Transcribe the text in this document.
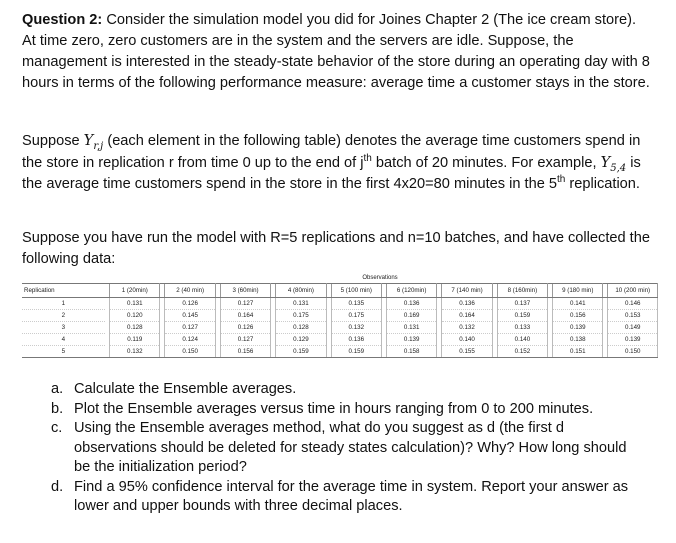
Question 2: Consider the simulation model you did for Joines Chapter 2 (The ice cream store). At time zero, zero customers are in the system and the servers are idle. Suppose, the management is interested in the steady-state behavior of the store during an operating day with 8 hours in terms of the following performance measure: average time a customer stays in the store.

Suppose $Y_{r,j}$ (each element in the following table) denotes the average time customers spend in the store in replication r from time 0 up to the end of $j^{th}$ batch of 20 minutes. For example, $Y_{5,4}$ is the average time customers spend in the store in the first 4x20=80 minutes in the 5th replication.

Suppose you have run the model with R=5 replications and n=10 batches, and have collected the following data:

Observations
Replication		1 (20min)		2 (40 min)		3 (60min)		4 (80min)		5 (100 min)		6 (120min)		7 (140 min)		8 (160min)		9 (180 min)		10 (200 min)
1		0.131		0.126		0.127		0.131		0.135		0.136		0.136		0.137		0.141		0.146
2		0.120		0.145		0.164		0.175		0.175		0.169		0.164		0.159		0.156		0.153
3		0.128		0.127		0.126		0.128		0.132		0.131		0.132		0.133		0.139		0.149
4		0.119		0.124		0.127		0.129		0.136		0.139		0.140		0.140		0.138		0.139
5		0.132		0.150		0.156		0.159		0.159		0.158		0.155		0.152		0.151		0.150
a. Calculate the Ensemble averages.
b. Plot the Ensemble averages versus time in hours ranging from 0 to 200 minutes.
c. Using the Ensemble averages method, what do you suggest as d (the first d observations should be deleted for steady states calculation)? Why? How long should be the initialization period?
d. Find a 95% confidence interval for the average time in system. Report your answer as lower and upper bounds with three decimal places.
